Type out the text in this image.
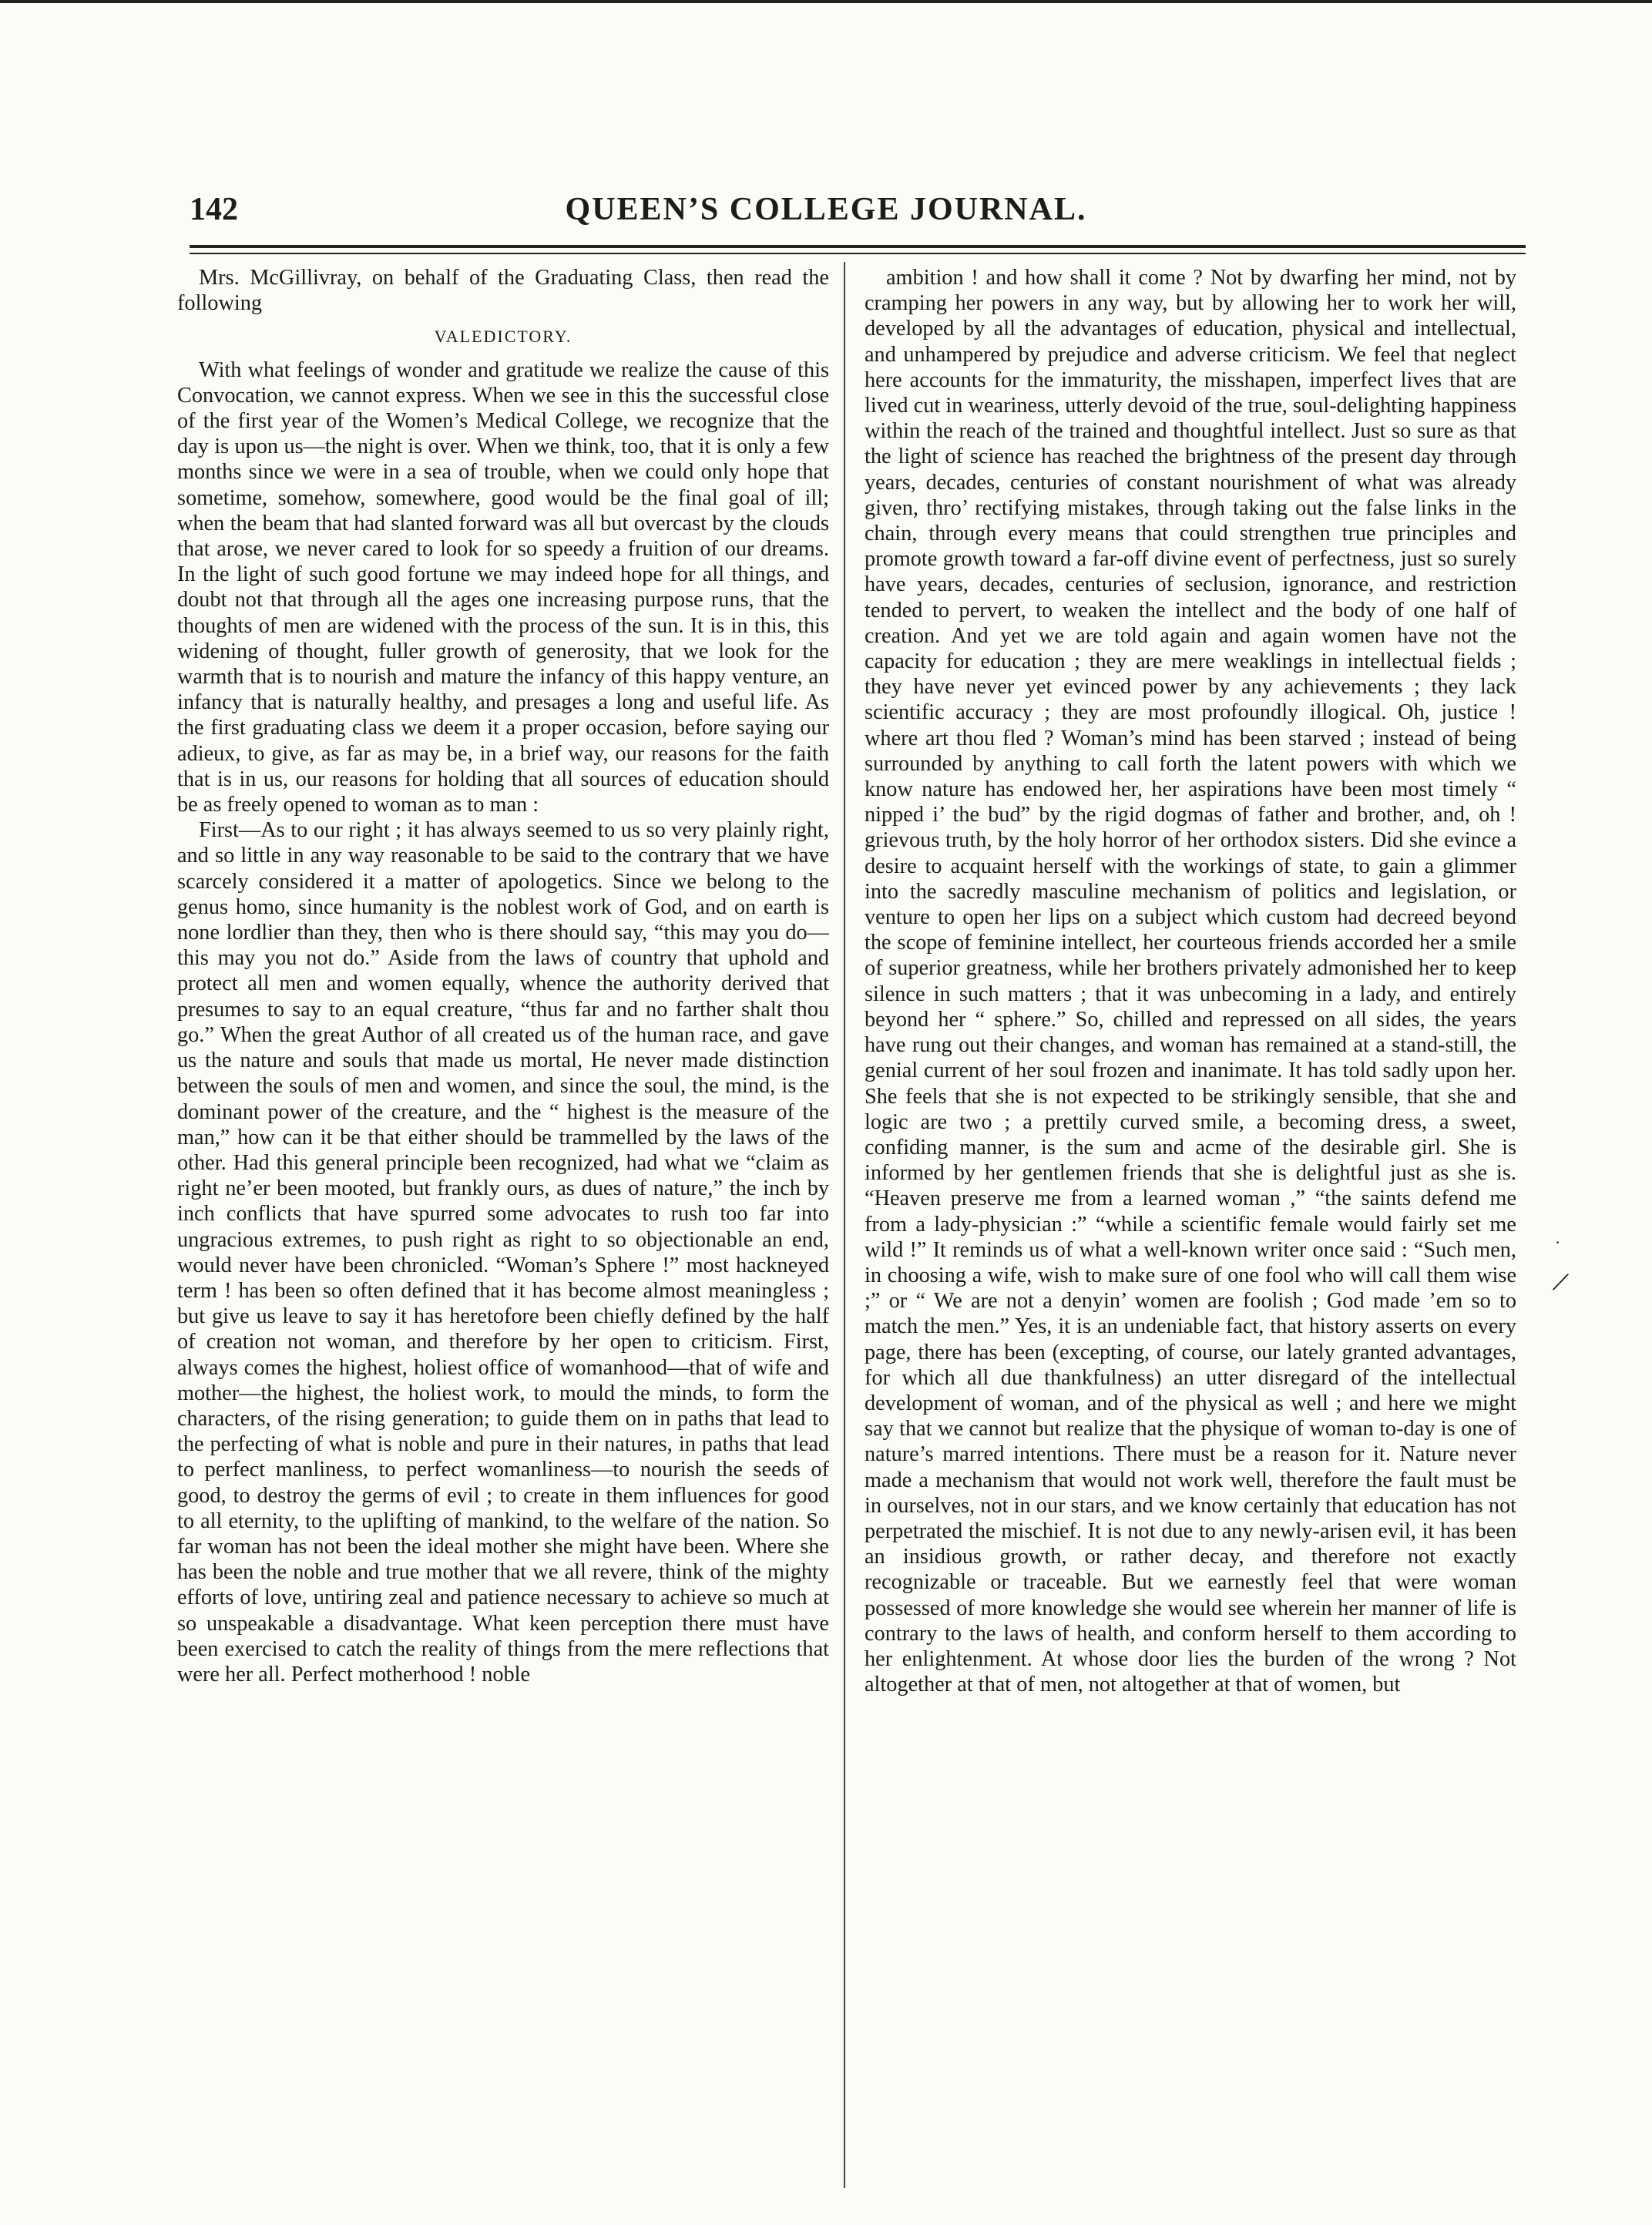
142	QUEEN’S COLLEGE JOURNAL.

Mrs. McGillivray, on behalf of the Graduating Class, then read the following

VALEDICTORY.

With what feelings of wonder and gratitude we realize the cause of this Convocation, we cannot express. When we see in this the successful close of the first year of the Women’s Medical College, we recognize that the day is upon us—the night is over. When we think, too, that it is only a few months since we were in a sea of trouble, when we could only hope that sometime, somehow, somewhere, good would be the final goal of ill; when the beam that had slanted forward was all but overcast by the clouds that arose, we never cared to look for so speedy a fruition of our dreams. In the light of such good fortune we may indeed hope for all things, and doubt not that through all the ages one increasing purpose runs, that the thoughts of men are widened with the process of the sun. It is in this, this widening of thought, fuller growth of generosity, that we look for the warmth that is to nourish and mature the infancy of this happy venture, an infancy that is naturally healthy, and presages a long and useful life. As the first graduating class we deem it a proper occasion, before saying our adieux, to give, as far as may be, in a brief way, our reasons for the faith that is in us, our reasons for holding that all sources of education should be as freely opened to woman as to man :

First—As to our right ; it has always seemed to us so very plainly right, and so little in any way reasonable to be said to the contrary that we have scarcely considered it a matter of apologetics. Since we belong to the genus homo, since humanity is the noblest work of God, and on earth is none lordlier than they, then who is there should say, “this may you do—this may you not do.” Aside from the laws of country that uphold and protect all men and women equally, whence the authority derived that presumes to say to an equal creature, “thus far and no farther shalt thou go.” When the great Author of all created us of the human race, and gave us the nature and souls that made us mortal, He never made distinction between the souls of men and women, and since the soul, the mind, is the dominant power of the creature, and the “ highest is the measure of the man,” how can it be that either should be trammelled by the laws of the other. Had this general principle been recognized, had what we “claim as right ne’er been mooted, but frankly ours, as dues of nature,” the inch by inch conflicts that have spurred some advocates to rush too far into ungracious extremes, to push right as right to so objectionable an end, would never have been chronicled. “Woman’s Sphere !” most hackneyed term ! has been so often defined that it has become almost meaningless ; but give us leave to say it has heretofore been chiefly defined by the half of creation not woman, and therefore by her open to criticism. First, always comes the highest, holiest office of womanhood—that of wife and mother—the highest, the holiest work, to mould the minds, to form the characters, of the rising generation; to guide them on in paths that lead to the perfecting of what is noble and pure in their natures, in paths that lead to perfect manliness, to perfect womanliness—to nourish the seeds of good, to destroy the germs of evil ; to create in them influences for good to all eternity, to the uplifting of mankind, to the welfare of the nation. So far woman has not been the ideal mother she might have been. Where she has been the noble and true mother that we all revere, think of the mighty efforts of love, untiring zeal and patience necessary to achieve so much at so unspeakable a disadvantage. What keen perception there must have been exercised to catch the reality of things from the mere reflections that were her all. Perfect motherhood ! noble

ambition ! and how shall it come ? Not by dwarfing her mind, not by cramping her powers in any way, but by allowing her to work her will, developed by all the advantages of education, physical and intellectual, and unhampered by prejudice and adverse criticism. We feel that neglect here accounts for the immaturity, the misshapen, imperfect lives that are lived cut in weariness, utterly devoid of the true, soul-delighting happiness within the reach of the trained and thoughtful intellect. Just so sure as that the light of science has reached the brightness of the present day through years, decades, centuries of constant nourishment of what was already given, thro’ rectifying mistakes, through taking out the false links in the chain, through every means that could strengthen true principles and promote growth toward a far-off divine event of perfectness, just so surely have years, decades, centuries of seclusion, ignorance, and restriction tended to pervert, to weaken the intellect and the body of one half of creation. And yet we are told again and again women have not the capacity for education ; they are mere weaklings in intellectual fields ; they have never yet evinced power by any achievements ; they lack scientific accuracy ; they are most profoundly illogical. Oh, justice ! where art thou fled ? Woman’s mind has been starved ; instead of being surrounded by anything to call forth the latent powers with which we know nature has endowed her, her aspirations have been most timely “ nipped i’ the bud” by the rigid dogmas of father and brother, and, oh ! grievous truth, by the holy horror of her orthodox sisters. Did she evince a desire to acquaint herself with the workings of state, to gain a glimmer into the sacredly masculine mechanism of politics and legislation, or venture to open her lips on a subject which custom had decreed beyond the scope of feminine intellect, her courteous friends accorded her a smile of superior greatness, while her brothers privately admonished her to keep silence in such matters ; that it was unbecoming in a lady, and entirely beyond her “ sphere.” So, chilled and repressed on all sides, the years have rung out their changes, and woman has remained at a stand-still, the genial current of her soul frozen and inanimate. It has told sadly upon her. She feels that she is not expected to be strikingly sensible, that she and logic are two ; a prettily curved smile, a becoming dress, a sweet, confiding manner, is the sum and acme of the desirable girl. She is informed by her gentlemen friends that she is delightful just as she is. “Heaven preserve me from a learned woman ,” “the saints defend me from a lady-physician :” “while a scientific female would fairly set me wild !” It reminds us of what a well-known writer once said : “Such men, in choosing a wife, wish to make sure of one fool who will call them wise ;” or “ We are not a denyin’ women are foolish ; God made ’em so to match the men.” Yes, it is an undeniable fact, that history asserts on every page, there has been (excepting, of course, our lately granted advantages, for which all due thankfulness) an utter disregard of the intellectual development of woman, and of the physical as well ; and here we might say that we cannot but realize that the physique of woman to-day is one of nature’s marred intentions. There must be a reason for it. Nature never made a mechanism that would not work well, therefore the fault must be in ourselves, not in our stars, and we know certainly that education has not perpetrated the mischief. It is not due to any newly-arisen evil, it has been an insidious growth, or rather decay, and therefore not exactly recognizable or traceable. But we earnestly feel that were woman possessed of more knowledge she would see wherein her manner of life is contrary to the laws of health, and conform herself to them according to her enlightenment. At whose door lies the burden of the wrong ? Not altogether at that of men, not altogether at that of women, but

·
/
